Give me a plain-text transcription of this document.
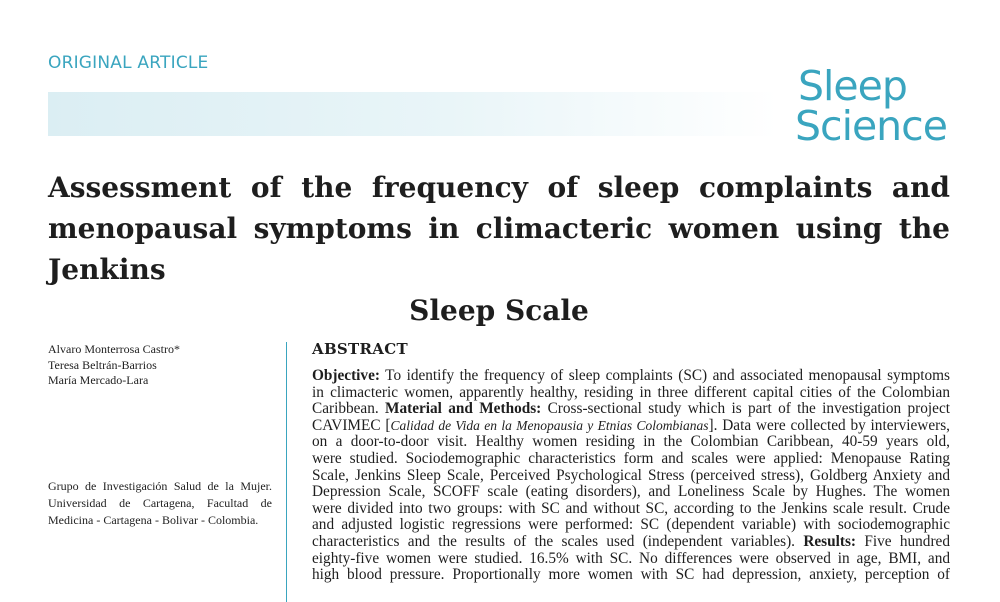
ORIGINAL ARTICLE	Sleep
Science
Assessment of the frequency of sleep complaints and
menopausal symptoms in climacteric women using the Jenkins
Sleep Scale
Alvaro Monterrosa Castro*
Teresa Beltrán-Barrios
María Mercado-Lara

Grupo de Investigación Salud de la Mujer. Universidad de Cartagena, Facultad de Medicina - Cartagena - Bolivar - Colombia.

ABSTRACT

Objective: To identify the frequency of sleep complaints (SC) and associated menopausal symptoms
in climacteric women, apparently healthy, residing in three different capital cities of the Colombian
Caribbean. Material and Methods: Cross-sectional study which is part of the investigation project
CAVIMEC [Calidad de Vida en la Menopausia y Etnias Colombianas]. Data were collected by interviewers,
on a door-to-door visit. Healthy women residing in the Colombian Caribbean, 40-59 years old,
were studied. Sociodemographic characteristics form and scales were applied: Menopause Rating
Scale, Jenkins Sleep Scale, Perceived Psychological Stress (perceived stress), Goldberg Anxiety and
Depression Scale, SCOFF scale (eating disorders), and Loneliness Scale by Hughes. The women
were divided into two groups: with SC and without SC, according to the Jenkins scale result. Crude
and adjusted logistic regressions were performed: SC (dependent variable) with sociodemographic
characteristics and the results of the scales used (independent variables). Results: Five hundred
eighty-five women were studied. 16.5% with SC. No differences were observed in age, BMI, and
high blood pressure. Proportionally more women with SC had depression, anxiety, perception of
